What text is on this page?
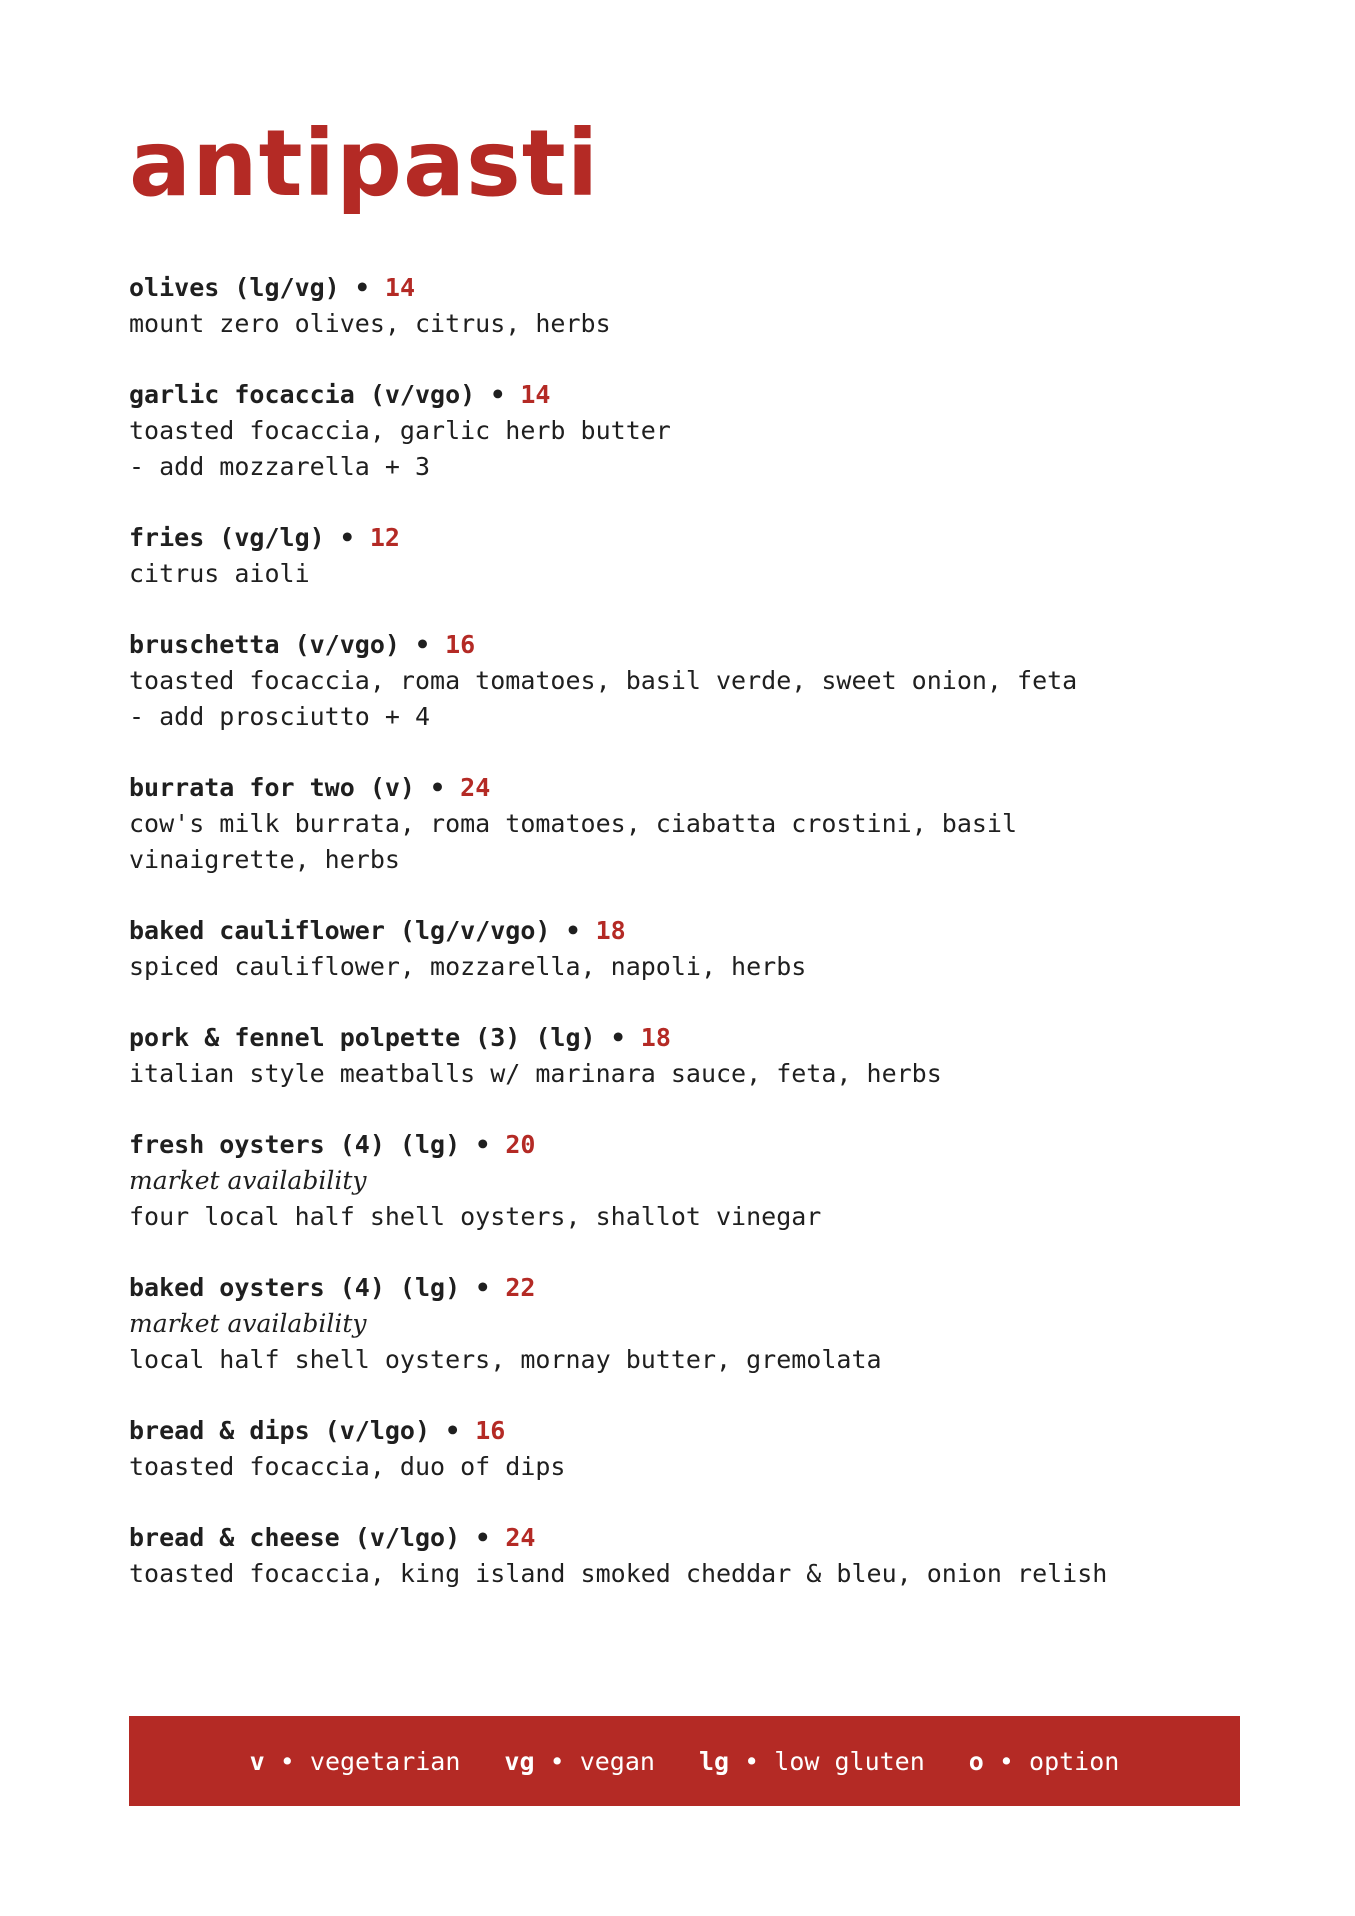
antipasti
olives (lg/vg) • 14
mount zero olives, citrus, herbs
garlic focaccia (v/vgo) • 14
toasted focaccia, garlic herb butter
- add mozzarella + 3
fries (vg/lg) • 12
citrus aioli
bruschetta (v/vgo) • 16
toasted focaccia, roma tomatoes, basil verde, sweet onion, feta
- add prosciutto + 4
burrata for two (v) • 24
cow's milk burrata, roma tomatoes, ciabatta crostini, basil
vinaigrette, herbs
baked cauliflower (lg/v/vgo) • 18
spiced cauliflower, mozzarella, napoli, herbs
pork & fennel polpette (3) (lg) • 18
italian style meatballs w/ marinara sauce, feta, herbs
fresh oysters (4) (lg) • 20
market availability
four local half shell oysters, shallot vinegar
baked oysters (4) (lg) • 22
market availability
local half shell oysters, mornay butter, gremolata
bread & dips (v/lgo) • 16
toasted focaccia, duo of dips
bread & cheese (v/lgo) • 24
toasted focaccia, king island smoked cheddar & bleu, onion relish
v • vegetarian vg • vegan lg • low gluten o • option
